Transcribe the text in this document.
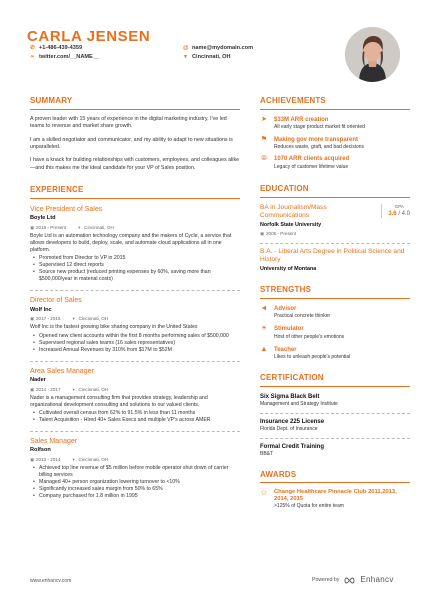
CARLA JENSEN
✆ +1-486-439-4359	@ name@mydomain.com
∞ twitter.com/__NAME__	▾ Cincinnati, OH
SUMMARY

A proven leader with 15 years of experience in the digital marketing industry, I've led teams to revenue and market share growth.

I am a skilled negotiator and communicator, and my ability to adapt to new situations is unparalleled.

I have a knack for building relationships with customers, employees, and colleagues alike—and this makes me the ideal candidate for your VP of Sales position.

EXPERIENCE
Vice President of Sales
Boyle Ltd
▣ 2016 - Present	▾ Cincinnati, OH
Boyle Ltd is an automation technology company and the makers of Cycle, a service that allows developers to build, deploy, scale, and automate cloud applications all in one platform.
• Promoted from Director to VP in 2015
• Supervised 12 direct reports
• Source new product (reduced printing expenses by 60%, saving more than $500,000/year in material costs)
Director of Sales
Wolf Inc
▣ 2017 - 2016	▾ Cincinnati, OH
Wolf Inc is the fastest growing bike sharing company in the United States
• Opened new client accounts within the first 8 months performing sales of $500,000
• Supervised regional sales teams (16 sales representatives)
• Increased Annual Revenues by 310% from $17M to $52M
Area Sales Manager
Nader
▣ 2014 - 2017	▾ Cincinnati, OH
Nader is a management consulting firm that provides strategy, leadership and organizational development consulting and solutions to our valued clients.
• Cultivated overall census from 62% to 91.5% in less than 11 months
• Talent Acquisition - Hired 40+ Sales Execs and multiple VP's across AMER
Sales Manager
Rolfson
▣ 2013 - 2014	▾ Cincinnati, OH
• Achieved top line revenue of $5 million before mobile operator shut down of carrier billing services
• Managed 40+ person organization lowering turnover to <10%
• Significantly increased sales margin from 50% to 65%
• Company purchased for 1.8 million in 1995
ACHIEVEMENTS
➤ $33M ARR creation
All early stage product market fit oriented
⚑ Making gov more transparent
Reduces waste, graft, and bad decisions
⦾ 1070 ARR clients acquired
Legacy of customer lifetime value
EDUCATION
BA in Journalism/Mass Communications
Norfolk State University
▣ 2005 - Present
GPA
3.6 / 4.0
B.A. - Liberal Arts Degree in Political Science and History
University of Montana
STRENGTHS
◄ Advisor
Practical concrete thinker
☀ Stimulator
Host of other people's emotions
▲ Teacher
Likes to unleash people's potential
CERTIFICATION
Six Sigma Black Belt
Management and Strategy Institute
Insurance 225 License
Florida Dept. of Insurance
Formal Credit Training
BB&T
AWARDS
☆ Change Healthcare Pinnacle Club 2011,2013, 2014, 2015
>125% of Quota for entire team
www.enhancv.com	Powered by	Enhancv
